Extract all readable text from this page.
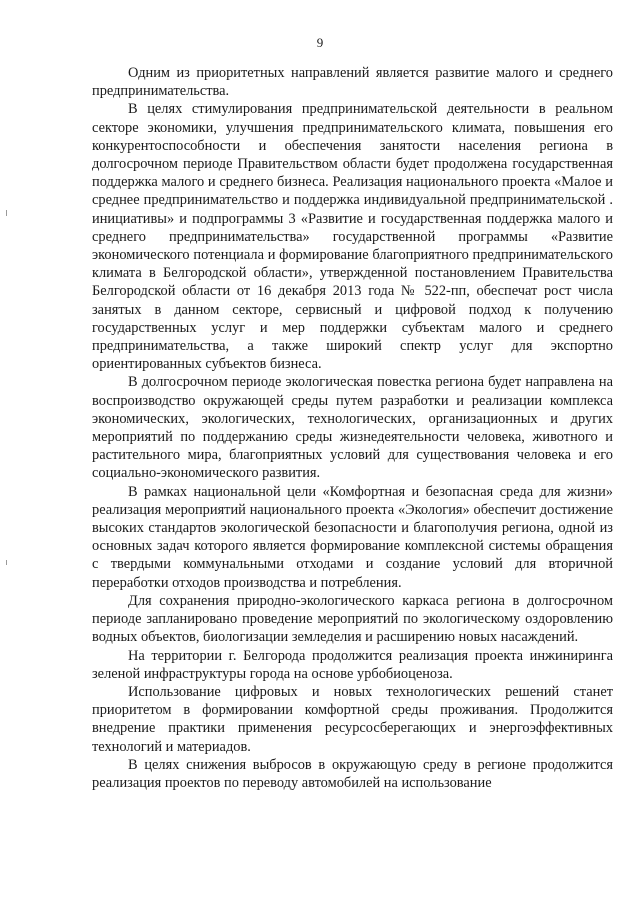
9

Одним из приоритетных направлений является развитие малого и среднего предпринимательства.

В целях стимулирования предпринимательской деятельности в реальном секторе экономики, улучшения предпринимательского климата, повышения его конкурентоспособности и обеспечения занятости населения региона в долгосрочном периоде Правительством области будет продолжена государственная поддержка малого и среднего бизнеса. Реализация национального проекта «Малое и среднее предпринимательство и поддержка индивидуальной предпринимательской . инициативы» и подпрограммы 3 «Развитие и государственная поддержка малого и среднего предпринимательства» государственной программы «Развитие экономического потенциала и формирование благоприятного предпринимательского климата в Белгородской области», утвержденной постановлением Правительства Белгородской области от 16 декабря 2013 года № 522-пп, обеспечат рост числа занятых в данном секторе, сервисный и цифровой подход к получению государственных услуг и мер поддержки субъектам малого и среднего предпринимательства, а также широкий спектр услуг для экспортно ориентированных субъектов бизнеса.

В долгосрочном периоде экологическая повестка региона будет направлена на воспроизводство окружающей среды путем разработки и реализации комплекса экономических, экологических, технологических, организационных и других мероприятий по поддержанию среды жизнедеятельности человека, животного и растительного мира, благоприятных условий для существования человека и его социально-экономического развития.

В рамках национальной цели «Комфортная и безопасная среда для жизни» реализация мероприятий национального проекта «Экология» обеспечит достижение высоких стандартов экологической безопасности и благополучия региона, одной из основных задач которого является формирование комплексной системы обращения с твердыми коммунальными отходами и создание условий для вторичной переработки отходов производства и потребления.

Для сохранения природно-экологического каркаса региона в долгосрочном периоде запланировано проведение мероприятий по экологическому оздоровлению водных объектов, биологизации земледелия и расширению новых насаждений.

На территории г. Белгорода продолжится реализация проекта инжиниринга зеленой инфраструктуры города на основе урбобиоценоза.

Использование цифровых и новых технологических решений станет приоритетом в формировании комфортной среды проживания. Продолжится внедрение практики применения ресурсосберегающих и энергоэффективных технологий и материадов.

В целях снижения выбросов в окружающую среду в регионе продолжится реализация проектов по переводу автомобилей на использование
